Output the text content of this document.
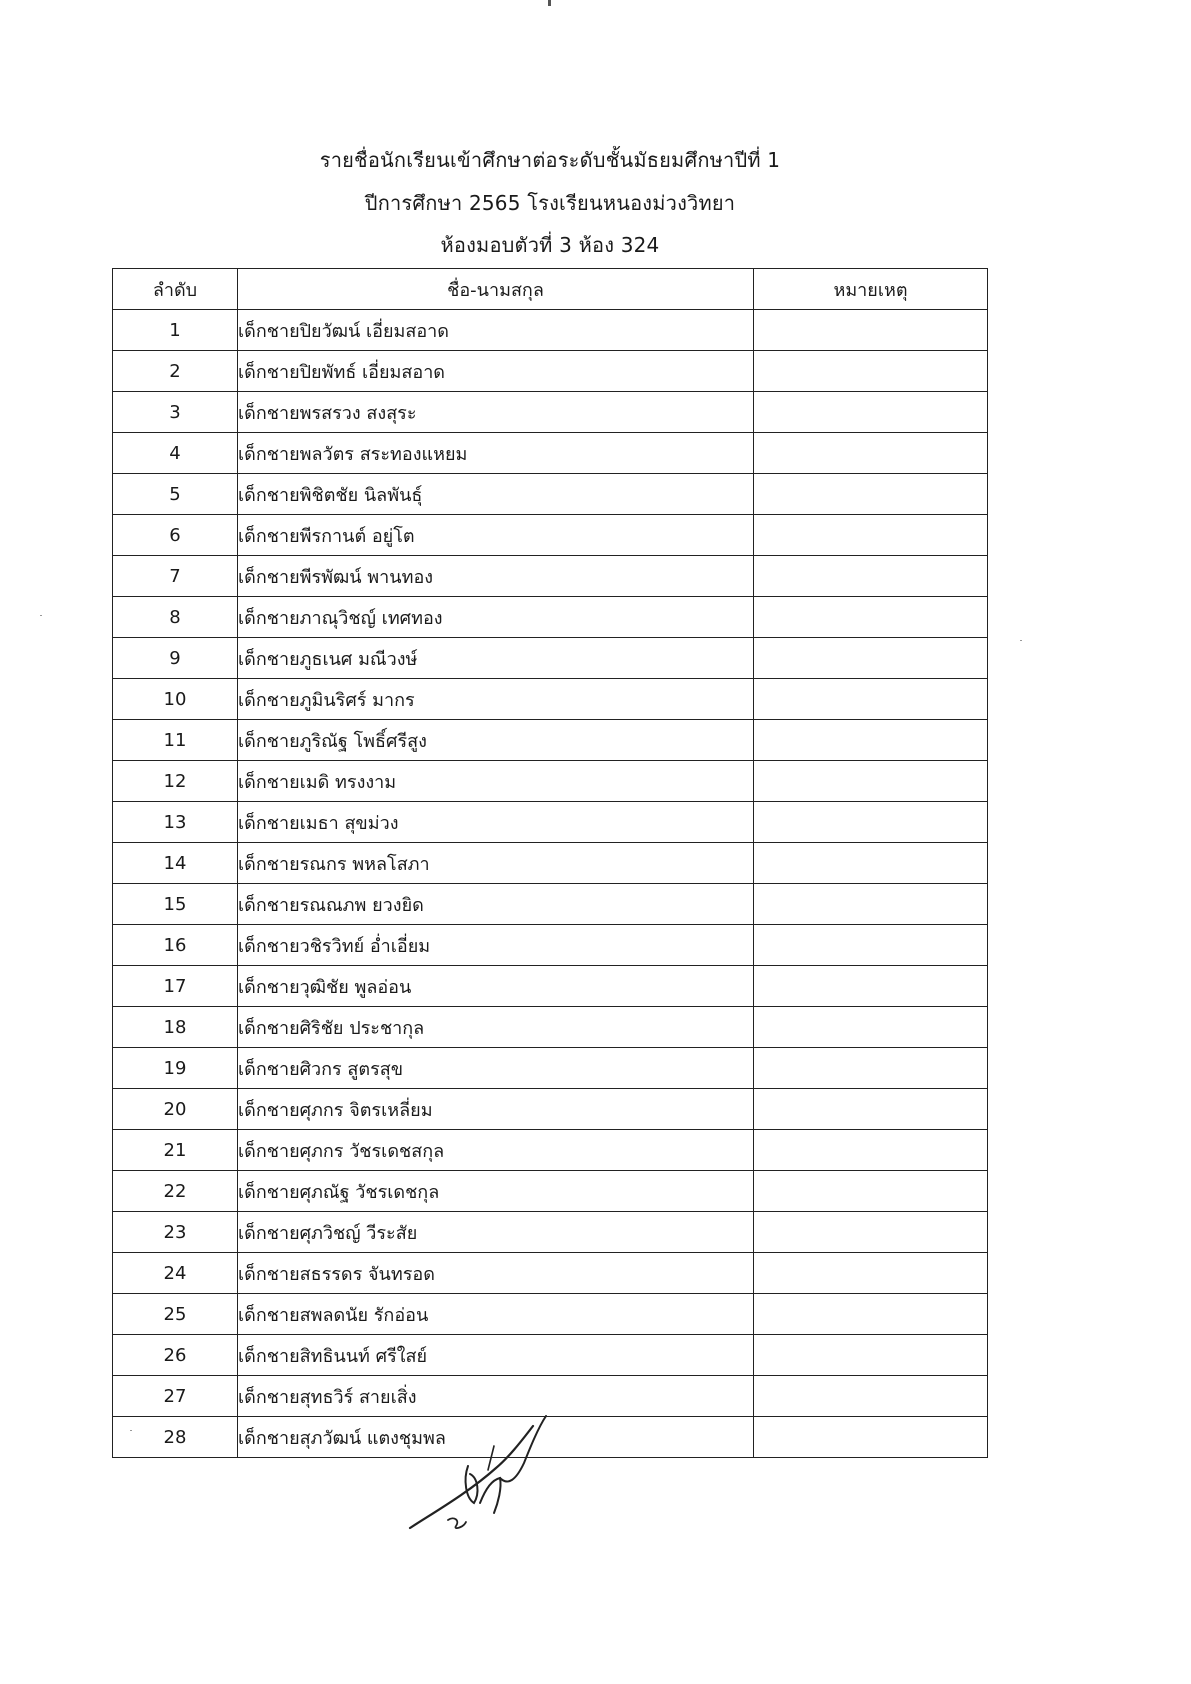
รายชื่อนักเรียนเข้าศึกษาต่อระดับชั้นมัธยมศึกษาปีที่ 1
ปีการศึกษา 2565 โรงเรียนหนองม่วงวิทยา
ห้องมอบตัวที่ 3 ห้อง 324
ลำดับ	ชื่อ-นามสกุล	หมายเหตุ
1	เด็กชายปิยวัฒน์ เอี่ยมสอาด	
2	เด็กชายปิยพัทธ์ เอี่ยมสอาด	
3	เด็กชายพรสรวง สงสุระ	
4	เด็กชายพลวัตร สระทองแหยม	
5	เด็กชายพิชิตชัย นิลพันธุ์	
6	เด็กชายพีรกานต์ อยู่โต	
7	เด็กชายพีรพัฒน์ พานทอง	
8	เด็กชายภาณุวิชญ์ เทศทอง	
9	เด็กชายภูธเนศ มณีวงษ์	
10	เด็กชายภูมินริศร์ มากร	
11	เด็กชายภูริณัฐ โพธิ์ศรีสูง	
12	เด็กชายเมดิ ทรงงาม	
13	เด็กชายเมธา สุขม่วง	
14	เด็กชายรณกร พหลโสภา	
15	เด็กชายรณณภพ ยวงยิด	
16	เด็กชายวชิรวิทย์ อ่ำเอี่ยม	
17	เด็กชายวุฒิชัย พูลอ่อน	
18	เด็กชายศิริชัย ประชากุล	
19	เด็กชายศิวกร สูตรสุข	
20	เด็กชายศุภกร จิตรเหลี่ยม	
21	เด็กชายศุภกร วัชรเดชสกุล	
22	เด็กชายศุภณัฐ วัชรเดชกุล	
23	เด็กชายศุภวิชญ์ วีระสัย	
24	เด็กชายสธรรดร จันทรอด	
25	เด็กชายสพลดนัย รักอ่อน	
26	เด็กชายสิทธินนท์ ศรีใสย์	
27	เด็กชายสุทธวิร์ สายเสิ่ง	
28	เด็กชายสุภวัฒน์ แตงชุมพล	
